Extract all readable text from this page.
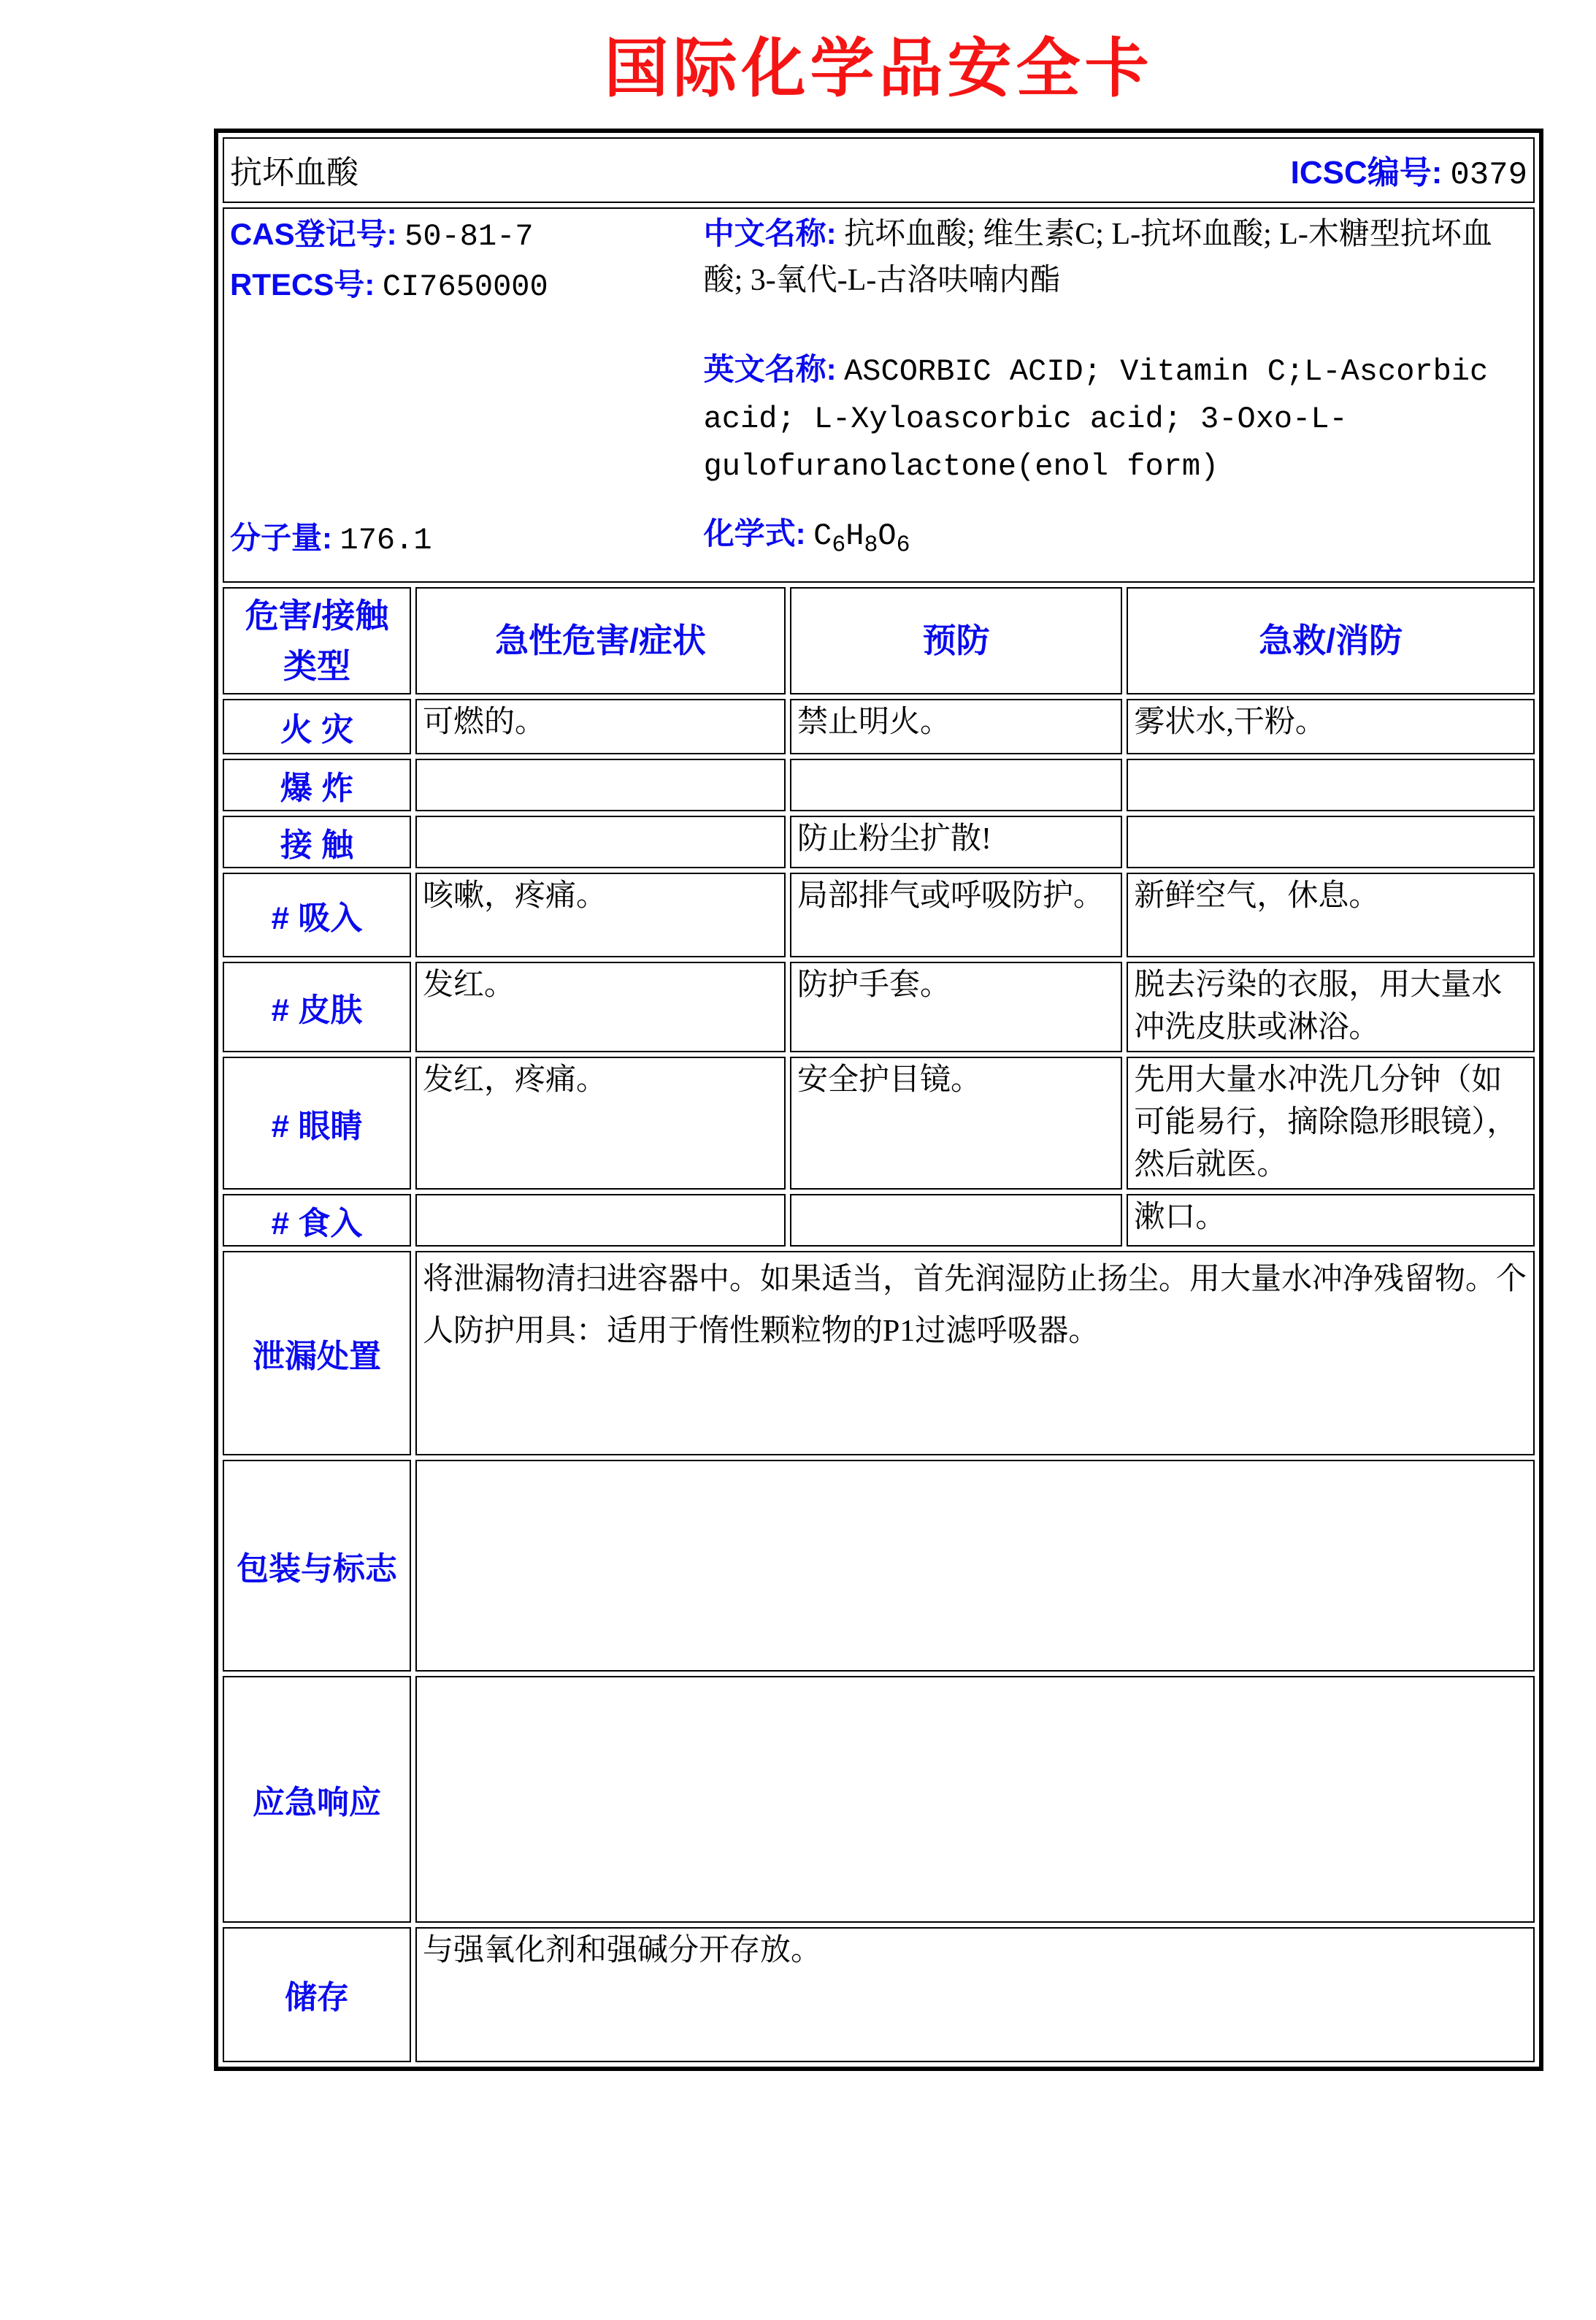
国际化学品安全卡
抗坏血酸 ICSC编号: 0379			

CAS登记号: 50-81-7
RTECS号: CI7650000
中文名称: 抗坏血酸; 维生素C; L-抗坏血酸; L-木糖型抗坏血酸; 3-氧代-L-古洛呋喃内酯
英文名称: ASCORBIC ACID; Vitamin C;L-Ascorbic acid; L-Xyloascorbic acid; 3-Oxo-L-gulofuranolactone(enol form)
分子量: 176.1	化学式: $C_6H_8O_6$

危害/接触
类型	急性危害/症状	预防	急救/消防
火 灾	可燃的。	禁止明火。	雾状水,干粉。
爆 炸			
接 触		防止粉尘扩散!	
# 吸入	咳嗽，疼痛。	局部排气或呼吸防护。	新鲜空气，休息。
# 皮肤	发红。	防护手套。	脱去污染的衣服，用大量水冲洗皮肤或淋浴。
# 眼睛	发红，疼痛。	安全护目镜。	先用大量水冲洗几分钟（如可能易行，摘除隐形眼镜），然后就医。
# 食入			漱口。
泄漏处置	将泄漏物清扫进容器中。如果适当，首先润湿防止扬尘。用大量水冲净残留物。个人防护用具：适用于惰性颗粒物的P1过滤呼吸器。		
包装与标志			
应急响应			
储存	与强氧化剂和强碱分开存放。		
